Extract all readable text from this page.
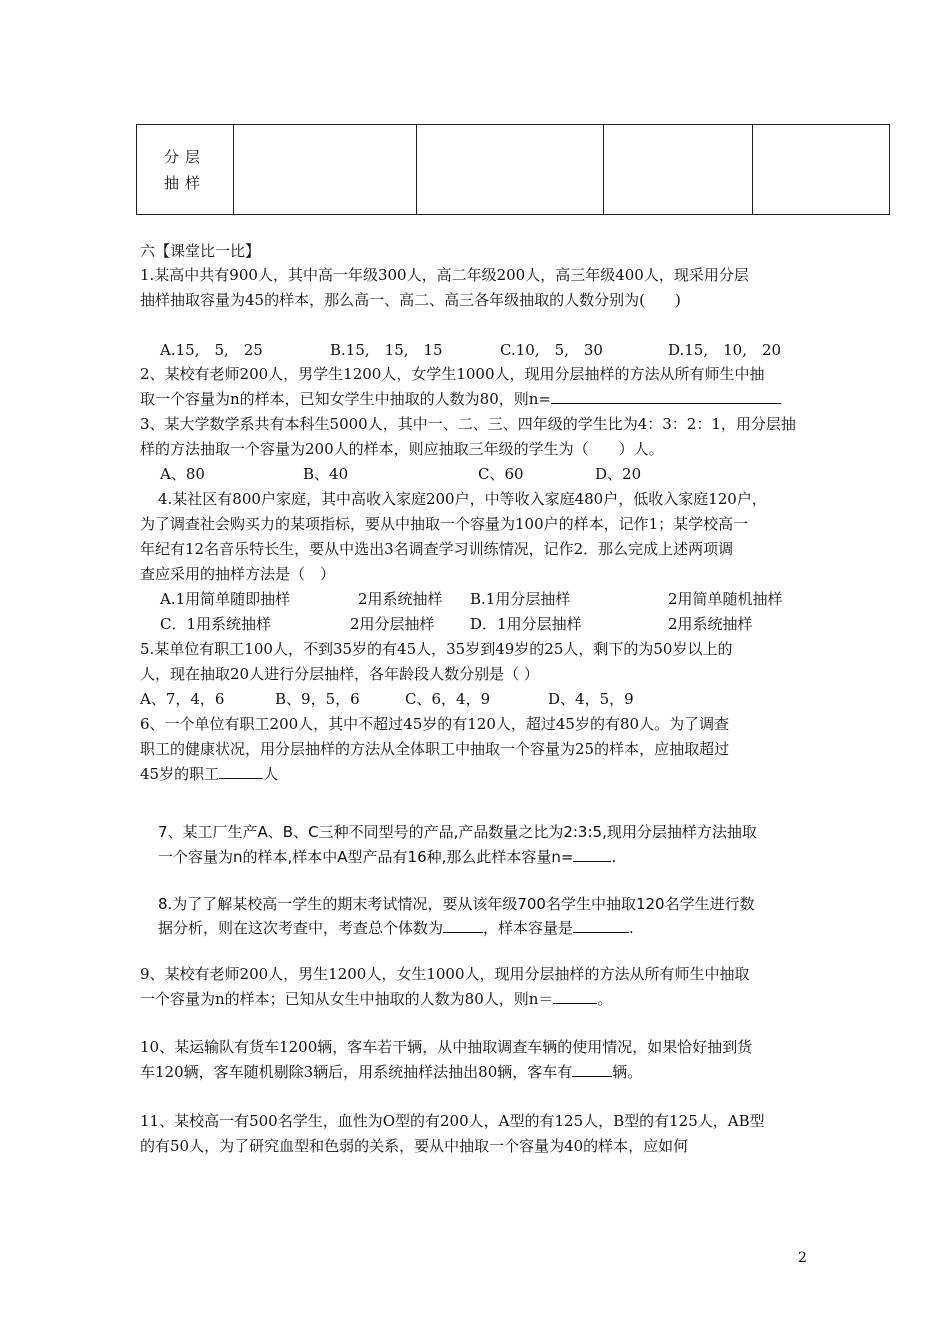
分层
抽样

六【课堂比一比】
1.某高中共有900人，其中高一年级300人，高二年级200人，高三年级400人，现采用分层
抽样抽取容量为45的样本，那么高一、高二、高三各年级抽取的人数分别为(　　)
A.15,　5,　25	B.15,　15,　15	C.10,　5,　30	D.15,　10,　20
2、某校有老师200人，男学生1200人，女学生1000人，现用分层抽样的方法从所有师生中抽
取一个容量为n的样本，已知女学生中抽取的人数为80，则n=
3、某大学数学系共有本科生5000人，其中一、二、三、四年级的学生比为4：3：2：1，用分层抽
样的方法抽取一个容量为200人的样本，则应抽取三年级的学生为（　　）人。
A、80	B、40	C、60	D、20
4.某社区有800户家庭，其中高收入家庭200户，中等收入家庭480户，低收入家庭120户，
为了调查社会购买力的某项指标，要从中抽取一个容量为100户的样本，记作1；某学校高一
年纪有12名音乐特长生，要从中选出3名调查学习训练情况，记作2．那么完成上述两项调
查应采用的抽样方法是（　）
A.1用简单随即抽样	2用系统抽样 B.1用分层抽样	2用简单随机抽样
C．1用系统抽样	2用分层抽样 D．1用分层抽样	2用系统抽样
5.某单位有职工100人，不到35岁的有45人，35岁到49岁的25人，剩下的为50岁以上的
人，现在抽取20人进行分层抽样，各年龄段人数分别是（ ）
A、7，4，6	B、9，5，6	C、6，4，9	D、4，5，9
6、一个单位有职工200人，其中不超过45岁的有120人，超过45岁的有80人。为了调查
职工的健康状况，用分层抽样的方法从全体职工中抽取一个容量为25的样本，应抽取超过
45岁的职工	人
7、某工厂生产A、B、C三种不同型号的产品,产品数量之比为2:3:5,现用分层抽样方法抽取
一个容量为n的样本,样本中A型产品有16种,那么此样本容量n=	.
8.为了了解某校高一学生的期末考试情况，要从该年级700名学生中抽取120名学生进行数
据分析，则在这次考查中，考查总个体数为	，样本容量是	.
9、某校有老师200人，男生1200人，女生1000人，现用分层抽样的方法从所有师生中抽取
一个容量为n的样本；已知从女生中抽取的人数为80人，则n＝	。
10、某运输队有货车1200辆，客车若干辆，从中抽取调查车辆的使用情况，如果恰好抽到货
车120辆，客车随机剔除3辆后，用系统抽样法抽出80辆，客车有	辆。
11、某校高一有500名学生，血性为O型的有200人，A型的有125人，B型的有125人，AB型
的有50人，为了研究血型和色弱的关系，要从中抽取一个容量为40的样本，应如何
2
